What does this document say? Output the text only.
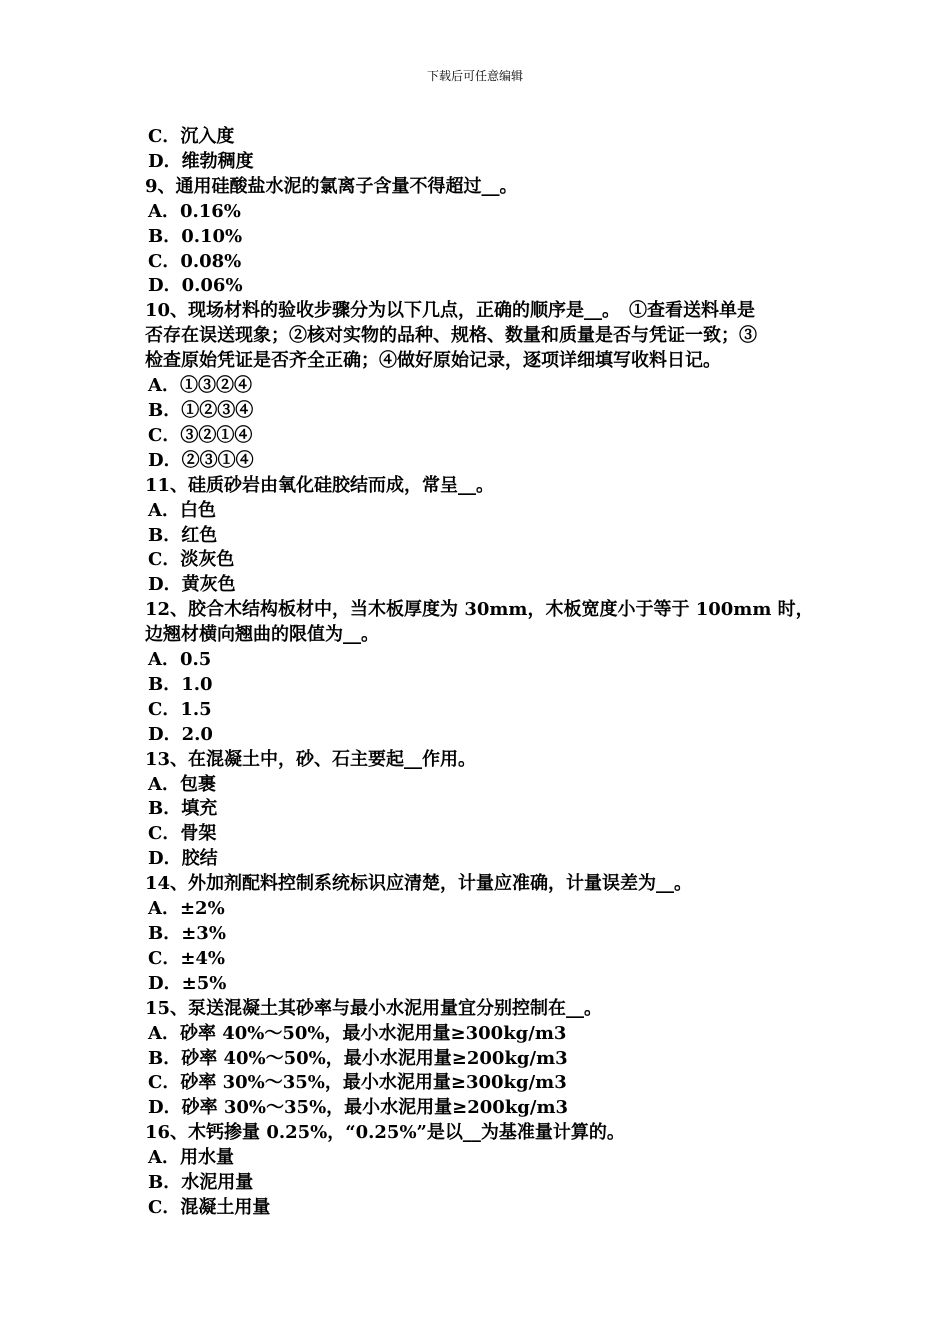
下载后可任意编辑
C．沉入度
D．维勃稠度
9、通用硅酸盐水泥的氯离子含量不得超过__。
A．0.16%
B．0.10%
C．0.08%
D．0.06%
10、现场材料的验收步骤分为以下几点，正确的顺序是__。　①查看送料单是
否存在误送现象；②核对实物的品种、规格、数量和质量是否与凭证一致；③
检查原始凭证是否齐全正确；④做好原始记录，逐项详细填写收料日记。
A．①③②④
B．①②③④
C．③②①④
D．②③①④
11、硅质砂岩由氧化硅胶结而成，常呈__。
A．白色
B．红色
C．淡灰色
D．黄灰色
12、胶合木结构板材中，当木板厚度为 30mm，木板宽度小于等于 100mm 时，
边翘材横向翘曲的限值为__。
A．0.5
B．1.0
C．1.5
D．2.0
13、在混凝土中，砂、石主要起__作用。
A．包裹
B．填充
C．骨架
D．胶结
14、外加剂配料控制系统标识应清楚，计量应准确，计量误差为__。
A．±2%
B．±3%
C．±4%
D．±5%
15、泵送混凝土其砂率与最小水泥用量宜分别控制在__。
A．砂率 40%～50%，最小水泥用量≥300kg/m3
B．砂率 40%～50%，最小水泥用量≥200kg/m3
C．砂率 30%～35%，最小水泥用量≥300kg/m3
D．砂率 30%～35%，最小水泥用量≥200kg/m3
16、木钙掺量 0.25%，“0.25%”是以__为基准量计算的。
A．用水量
B．水泥用量
C．混凝土用量
